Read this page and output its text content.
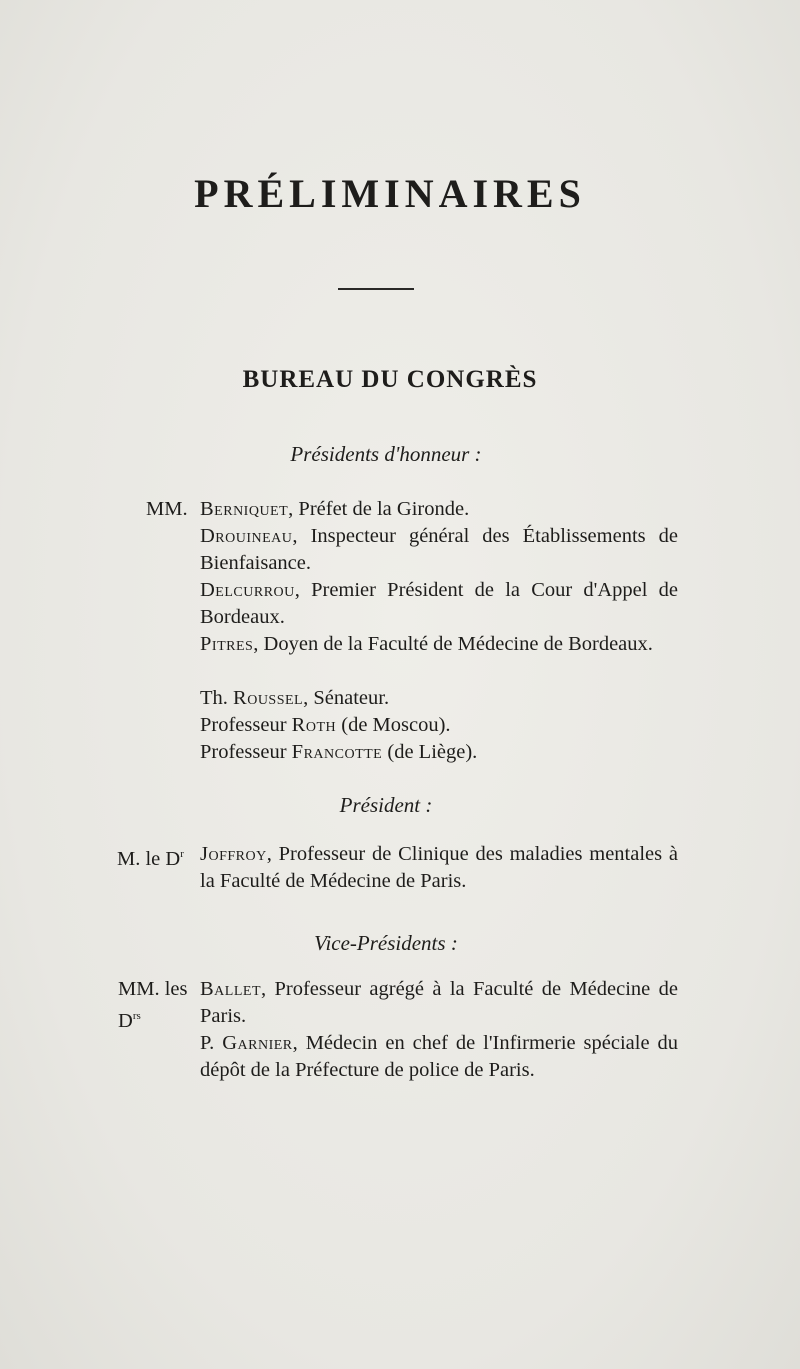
PRÉLIMINAIRES
BUREAU DU CONGRÈS
Présidents d'honneur :
MM. Berniquet, Préfet de la Gironde.
Drouineau, Inspecteur général des Établissements de Bienfaisance.
Delcurrou, Premier Président de la Cour d'Appel de Bordeaux.
Pitres, Doyen de la Faculté de Médecine de Bordeaux.
Th. Roussel, Sénateur.
Professeur Roth (de Moscou).
Professeur Francotte (de Liège).
Président :
M. le $D^r$ Joffroy, Professeur de Clinique des maladies mentales à la Faculté de Médecine de Paris.
Vice-Présidents :
MM. les $D^{rs}$
Ballet, Professeur agrégé à la Faculté de Médecine de Paris.
P. Garnier, Médecin en chef de l'Infirmerie spéciale du dépôt de la Préfecture de police de Paris.
